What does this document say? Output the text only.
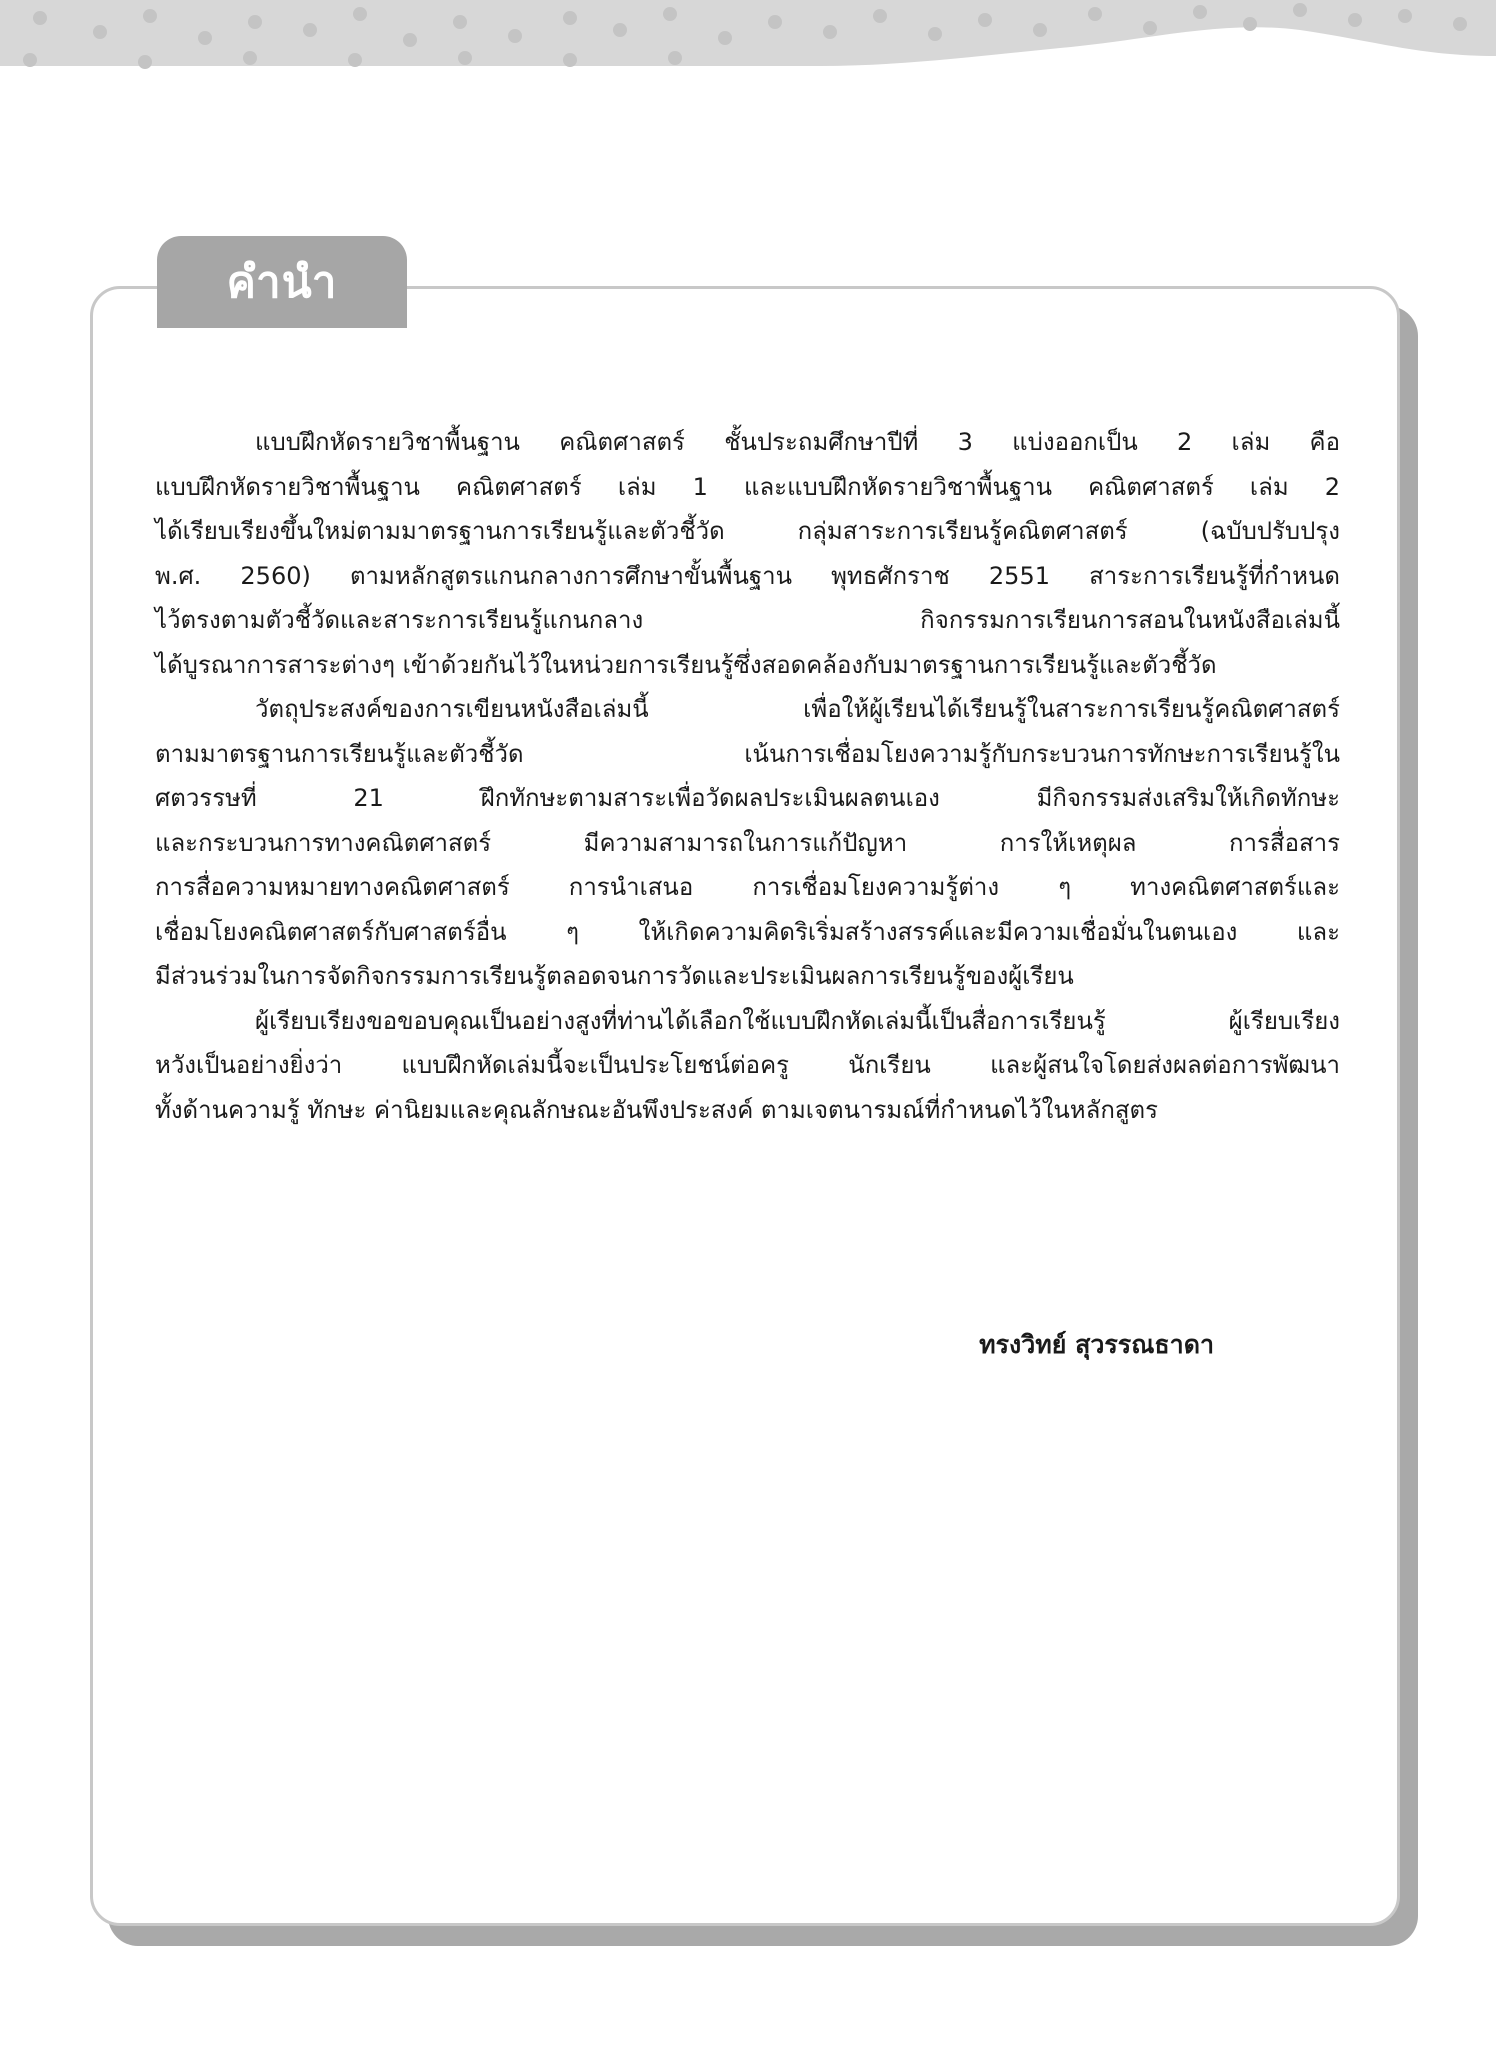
คำนำ
แบบฝึกหัดรายวิชาพื้นฐาน คณิตศาสตร์ ชั้นประถมศึกษาปีที่ 3 แบ่งออกเป็น 2 เล่ม คือ
แบบฝึกหัดรายวิชาพื้นฐาน คณิตศาสตร์ เล่ม 1 และแบบฝึกหัดรายวิชาพื้นฐาน คณิตศาสตร์ เล่ม 2
ได้เรียบเรียงขึ้นใหม่ตามมาตรฐานการเรียนรู้และตัวชี้วัด กลุ่มสาระการเรียนรู้คณิตศาสตร์ (ฉบับปรับปรุง
พ.ศ. 2560) ตามหลักสูตรแกนกลางการศึกษาขั้นพื้นฐาน พุทธศักราช 2551 สาระการเรียนรู้ที่กำหนด
ไว้ตรงตามตัวชี้วัดและสาระการเรียนรู้แกนกลาง กิจกรรมการเรียนการสอนในหนังสือเล่มนี้
ได้บูรณาการสาระต่างๆ เข้าด้วยกันไว้ในหน่วยการเรียนรู้ซึ่งสอดคล้องกับมาตรฐานการเรียนรู้และตัวชี้วัด
วัตถุประสงค์ของการเขียนหนังสือเล่มนี้ เพื่อให้ผู้เรียนได้เรียนรู้ในสาระการเรียนรู้คณิตศาสตร์
ตามมาตรฐานการเรียนรู้และตัวชี้วัด เน้นการเชื่อมโยงความรู้กับกระบวนการทักษะการเรียนรู้ใน
ศตวรรษที่ 21 ฝึกทักษะตามสาระเพื่อวัดผลประเมินผลตนเอง มีกิจกรรมส่งเสริมให้เกิดทักษะ
และกระบวนการทางคณิตศาสตร์ มีความสามารถในการแก้ปัญหา การให้เหตุผล การสื่อสาร
การสื่อความหมายทางคณิตศาสตร์ การนำเสนอ การเชื่อมโยงความรู้ต่าง ๆ ทางคณิตศาสตร์และ
เชื่อมโยงคณิตศาสตร์กับศาสตร์อื่น ๆ ให้เกิดความคิดริเริ่มสร้างสรรค์และมีความเชื่อมั่นในตนเอง และ
มีส่วนร่วมในการจัดกิจกรรมการเรียนรู้ตลอดจนการวัดและประเมินผลการเรียนรู้ของผู้เรียน
ผู้เรียบเรียงขอขอบคุณเป็นอย่างสูงที่ท่านได้เลือกใช้แบบฝึกหัดเล่มนี้เป็นสื่อการเรียนรู้ ผู้เรียบเรียง
หวังเป็นอย่างยิ่งว่า แบบฝึกหัดเล่มนี้จะเป็นประโยชน์ต่อครู นักเรียน และผู้สนใจโดยส่งผลต่อการพัฒนา
ทั้งด้านความรู้ ทักษะ ค่านิยมและคุณลักษณะอันพึงประสงค์ ตามเจตนารมณ์ที่กำหนดไว้ในหลักสูตร
ทรงวิทย์ สุวรรณธาดา
